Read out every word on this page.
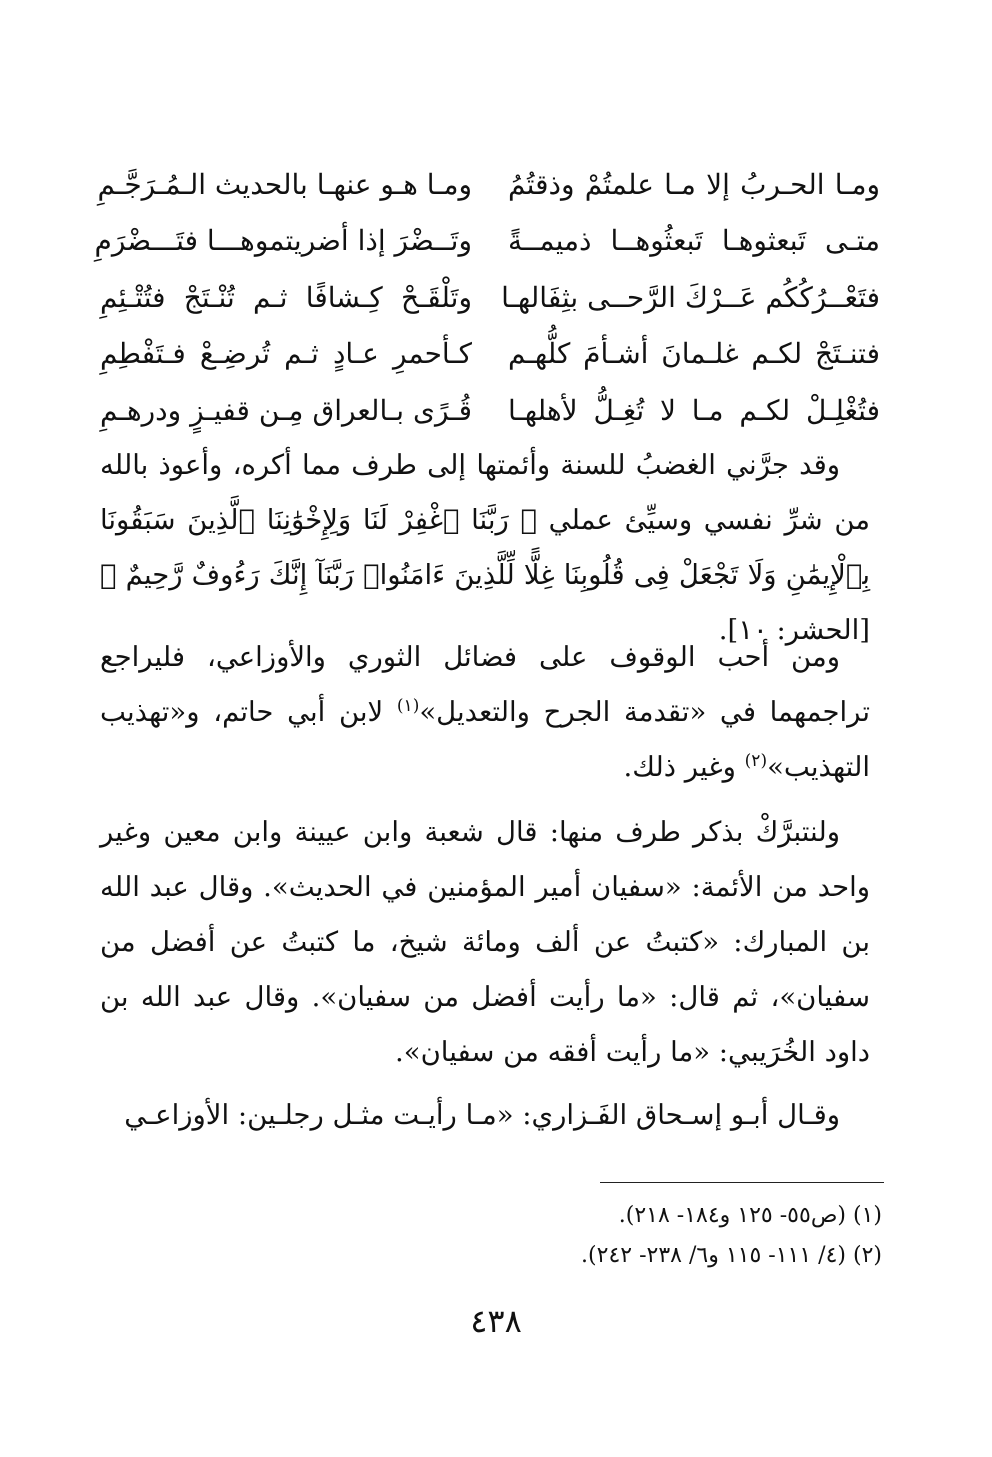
ومـا الحـربُ إلا مـا علمتُمْ وذقتُمُ
ومـا هـو عنهـا بالحديث الـمُـرَجَّـمِ
متـى تَبعثوهـا تَبعثُوهــا ذميمــةً
وتَــضْرَ إذا أضريتموهـــا فتَـــضْرَمِ
فتَعْــرُكُكُم عَــرْكَ الرَّحــى بثِفَالهـا
وتَلْقَـحْ كِـشافًا ثـم تُنْـتَجْ فتُتْـئِمِ
فتنـتَجْ لكـم غلـمانَ أشـأمَ كلُّهـم
كـأحمرِ عـادٍ ثـم تُرضِـعْ فـتَفْطِمِ
فتُغْلِـلْ لكـم مـا لا تُغِـلُّ لأهلهـا
قُـرًى بـالعراق مِـن قفيـزٍ ودرهـمِ
وقد جرَّني الغضبُ للسنة وأئمتها إلى طرف مما أكره، وأعوذ بالله من شرِّ نفسي وسيِّئ عملي ﴿ رَبَّنَا ٱغْفِرْ لَنَا وَلِإِخْوَٰنِنَا ٱلَّذِينَ سَبَقُونَا بِٱلْإِيمَٰنِ وَلَا تَجْعَلْ فِى قُلُوبِنَا غِلًّا لِّلَّذِينَ ءَامَنُوا۟ رَبَّنَآ إِنَّكَ رَءُوفٌ رَّحِيمٌ ﴾ [الحشر: ١٠].
ومن أحب الوقوف على فضائل الثوري والأوزاعي، فليراجع تراجمهما في «تقدمة الجرح والتعديل»$^{(١)}$ لابن أبي حاتم، و«تهذيب التهذيب»$^{(٢)}$ وغير ذلك.
ولنتبرَّكْ بذكر طرف منها: قال شعبة وابن عيينة وابن معين وغير واحد من الأئمة: «سفيان أمير المؤمنين في الحديث». وقال عبد الله بن المبارك: «كتبتُ عن ألف ومائة شيخ، ما كتبتُ عن أفضل من سفيان»، ثم قال: «ما رأيت أفضل من سفيان». وقال عبد الله بن داود الخُرَيبي: «ما رأيت أفقه من سفيان».
وقـال أبـو إسـحاق الفَـزاري: «مـا رأيـت مثـل رجلـين: الأوزاعـي
(١) (ص٥٥- ١٢٥ و١٨٤- ٢١٨).
(٢) (٤/ ١١١- ١١٥ و٦/ ٢٣٨- ٢٤٢).
٤٣٨
